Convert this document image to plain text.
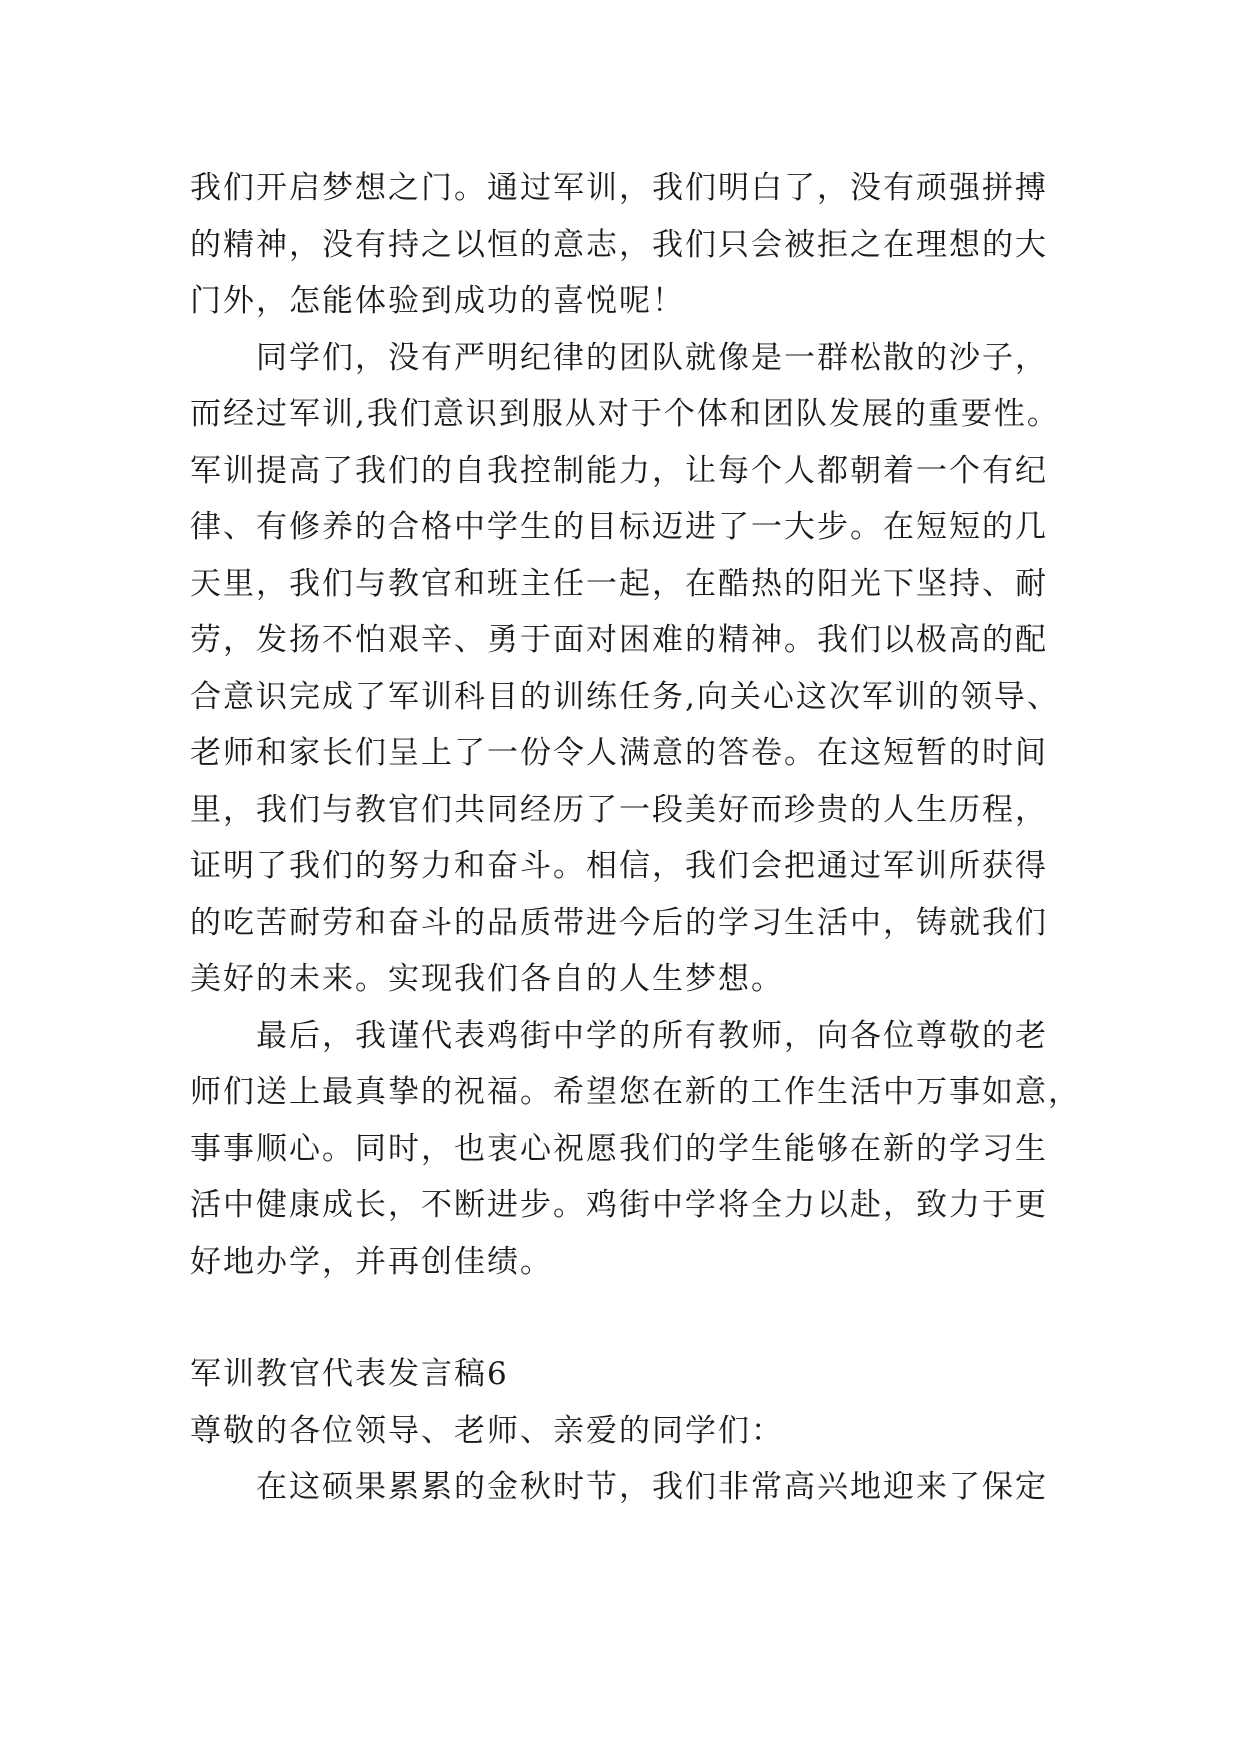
我们开启梦想之门。通过军训，我们明白了，没有顽强拼搏
的精神，没有持之以恒的意志，我们只会被拒之在理想的大
门外，怎能体验到成功的喜悦呢！
同学们，没有严明纪律的团队就像是一群松散的沙子，
而经过军训,我们意识到服从对于个体和团队发展的重要性。
军训提高了我们的自我控制能力，让每个人都朝着一个有纪
律、有修养的合格中学生的目标迈进了一大步。在短短的几
天里，我们与教官和班主任一起，在酷热的阳光下坚持、耐
劳，发扬不怕艰辛、勇于面对困难的精神。我们以极高的配
合意识完成了军训科目的训练任务,向关心这次军训的领导、
老师和家长们呈上了一份令人满意的答卷。在这短暂的时间
里，我们与教官们共同经历了一段美好而珍贵的人生历程，
证明了我们的努力和奋斗。相信，我们会把通过军训所获得
的吃苦耐劳和奋斗的品质带进今后的学习生活中，铸就我们
美好的未来。实现我们各自的人生梦想。
最后，我谨代表鸡街中学的所有教师，向各位尊敬的老
师们送上最真挚的祝福。希望您在新的工作生活中万事如意，
事事顺心。同时，也衷心祝愿我们的学生能够在新的学习生
活中健康成长，不断进步。鸡街中学将全力以赴，致力于更
好地办学，并再创佳绩。
军训教官代表发言稿6
尊敬的各位领导、老师、亲爱的同学们：
在这硕果累累的金秋时节，我们非常高兴地迎来了保定
